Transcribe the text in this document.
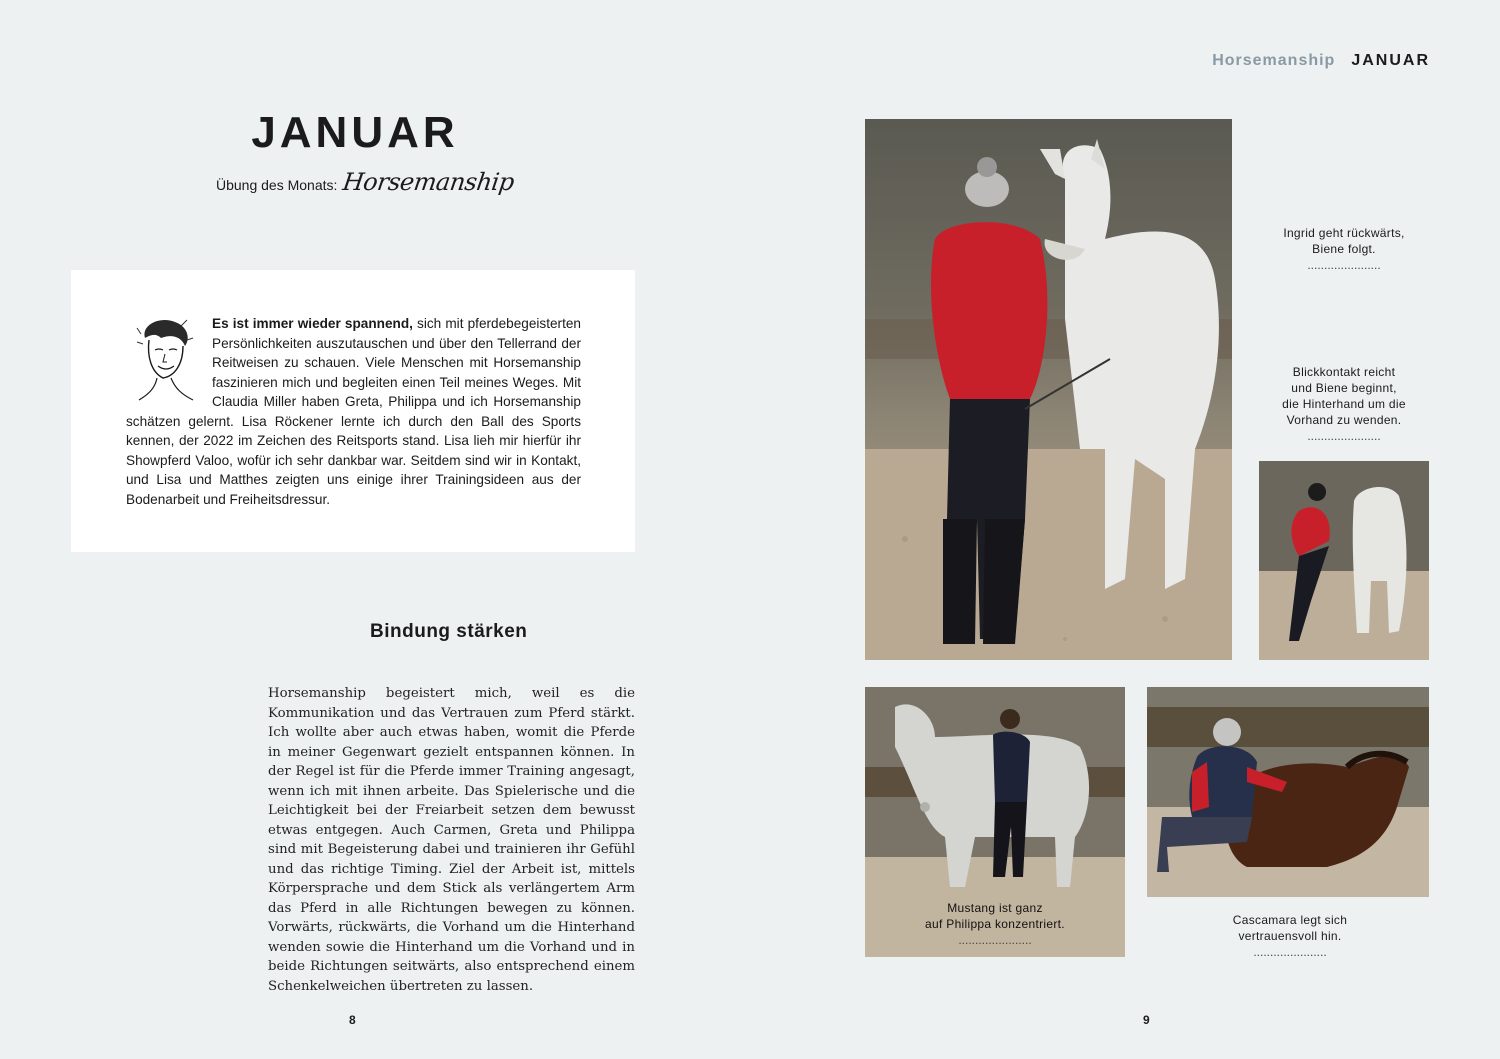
Horsemanship JANUAR
JANUAR
Übung des Monats: Horsemanship
Es ist immer wieder spannend, sich mit pferdebegeisterten Persönlichkeiten auszutauschen und über den Tellerrand der Reitweisen zu schauen. Viele Menschen mit Horsemanship faszinieren mich und begleiten einen Teil meines Weges. Mit Claudia Miller haben Greta, Philippa und ich Horsemanship schätzen gelernt. Lisa Röckener lernte ich durch den Ball des Sports kennen, der 2022 im Zeichen des Reitsports stand. Lisa lieh mir hierfür ihr Showpferd Valoo, wofür ich sehr dankbar war. Seitdem sind wir in Kontakt, und Lisa und Matthes zeigten uns einige ihrer Trainingsideen aus der Bodenarbeit und Freiheitsdressur.
Bindung stärken
Horsemanship begeistert mich, weil es die Kommunikation und das Vertrauen zum Pferd stärkt. Ich wollte aber auch etwas haben, womit die Pferde in meiner Gegenwart gezielt entspannen können. In der Regel ist für die Pferde immer Training angesagt, wenn ich mit ihnen arbeite. Das Spielerische und die Leichtigkeit bei der Freiarbeit setzen dem bewusst etwas entgegen. Auch Carmen, Greta und Philippa sind mit Begeisterung dabei und trainieren ihr Gefühl und das richtige Timing. Ziel der Arbeit ist, mittels Körpersprache und dem Stick als verlängertem Arm das Pferd in alle Richtungen bewegen zu können. Vorwärts, rückwärts, die Vorhand um die Hinterhand wenden sowie die Hinterhand um die Vorhand und in beide Richtungen seitwärts, also entsprechend einem Schenkelweichen übertreten zu lassen.
8	9
Ingrid geht rückwärts,
Biene folgt.
......................
Blickkontakt reicht
und Biene beginnt,
die Hinterhand um die
Vorhand zu wenden.
......................
Mustang ist ganz
auf Philippa konzentriert.
......................
Cascamara legt sich
vertrauensvoll hin.
......................
